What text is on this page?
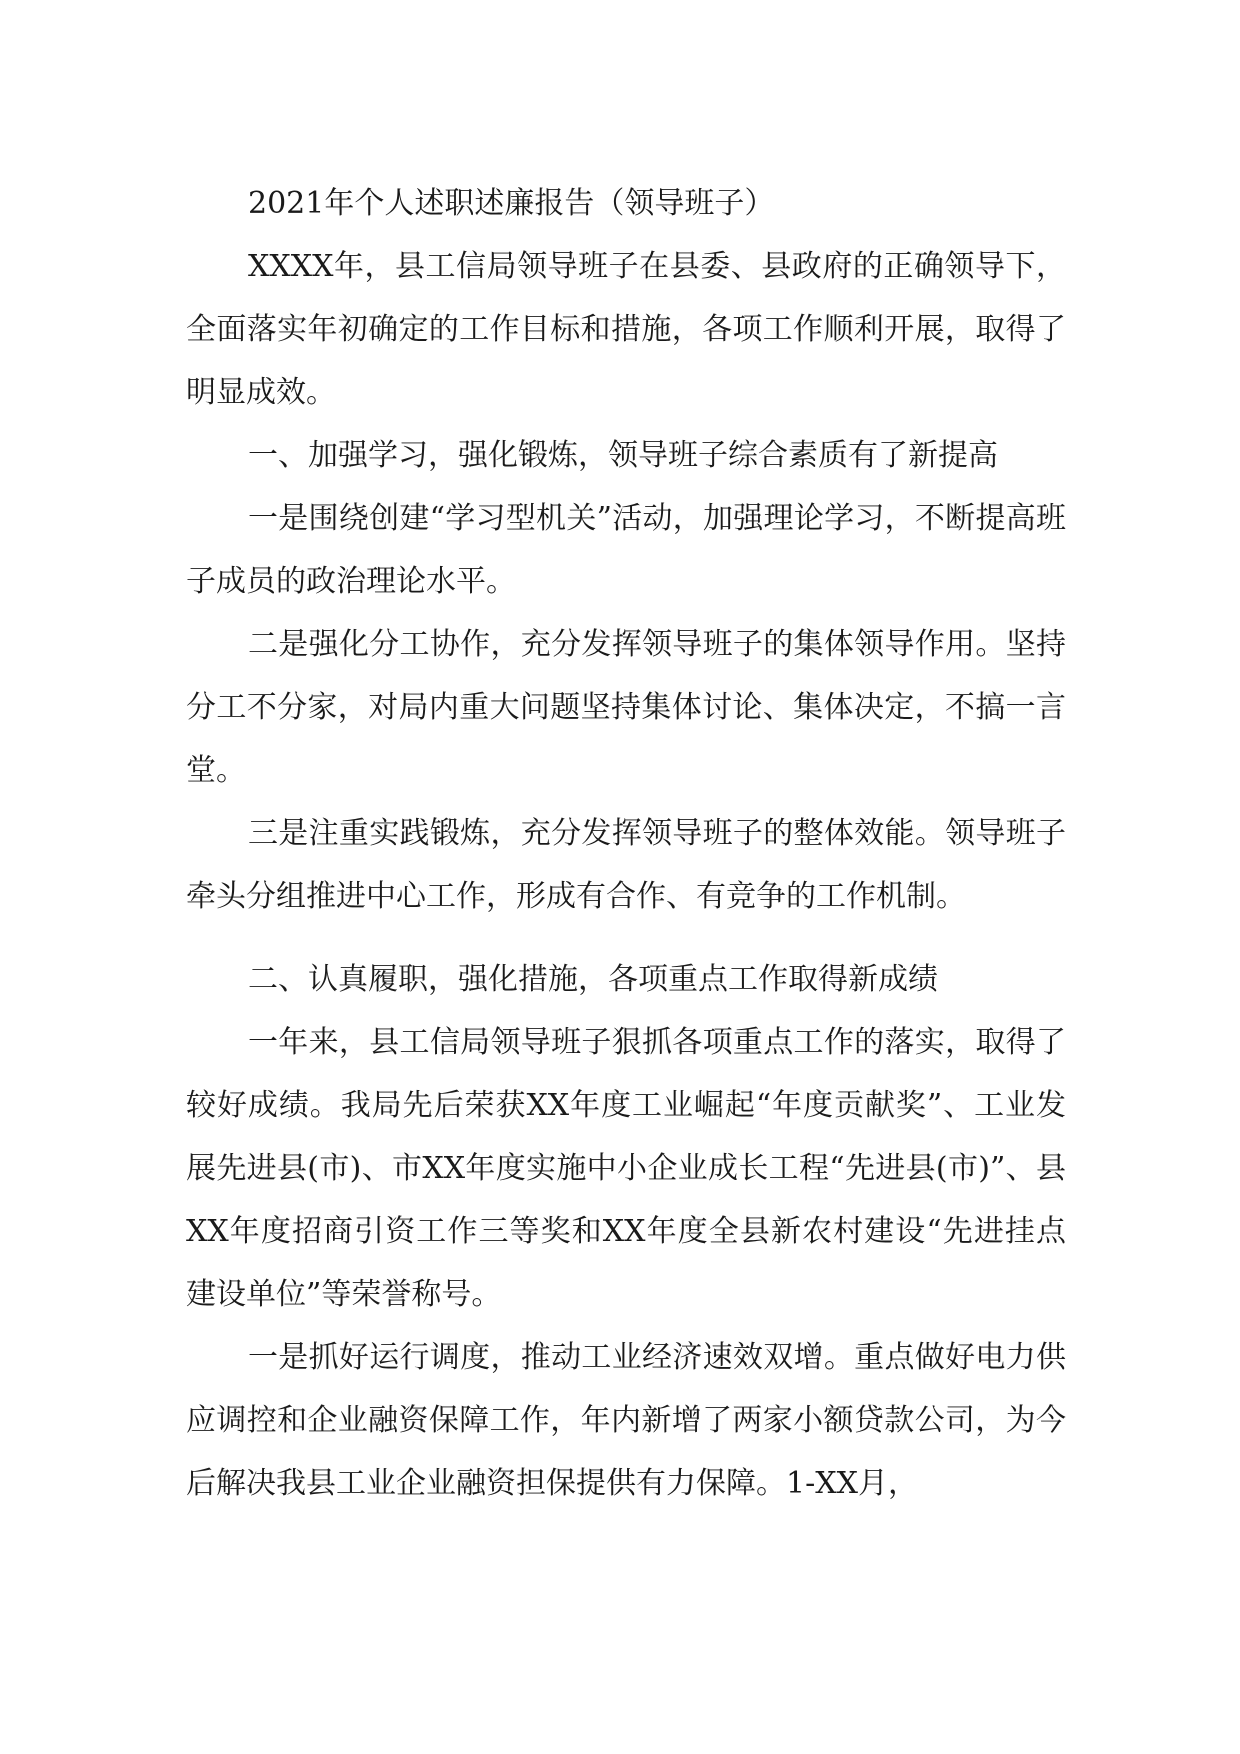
2021年个人述职述廉报告（领导班子）

XXXX年，县工信局领导班子在县委、县政府的正确领导下，全面落实年初确定的工作目标和措施，各项工作顺利开展，取得了明显成效。

一、加强学习，强化锻炼，领导班子综合素质有了新提高

一是围绕创建“学习型机关”活动，加强理论学习，不断提高班子成员的政治理论水平。

二是强化分工协作，充分发挥领导班子的集体领导作用。坚持分工不分家，对局内重大问题坚持集体讨论、集体决定，不搞一言堂。

三是注重实践锻炼，充分发挥领导班子的整体效能。领导班子牵头分组推进中心工作，形成有合作、有竞争的工作机制。

二、认真履职，强化措施，各项重点工作取得新成绩

一年来，县工信局领导班子狠抓各项重点工作的落实，取得了较好成绩。我局先后荣获XX年度工业崛起“年度贡献奖”、工业发展先进县(市)、市XX年度实施中小企业成长工程“先进县(市)”、县XX年度招商引资工作三等奖和XX年度全县新农村建设“先进挂点建设单位”等荣誉称号。

一是抓好运行调度，推动工业经济速效双增。重点做好电力供应调控和企业融资保障工作，年内新增了两家小额贷款公司，为今后解决我县工业企业融资担保提供有力保障。1-XX月，
